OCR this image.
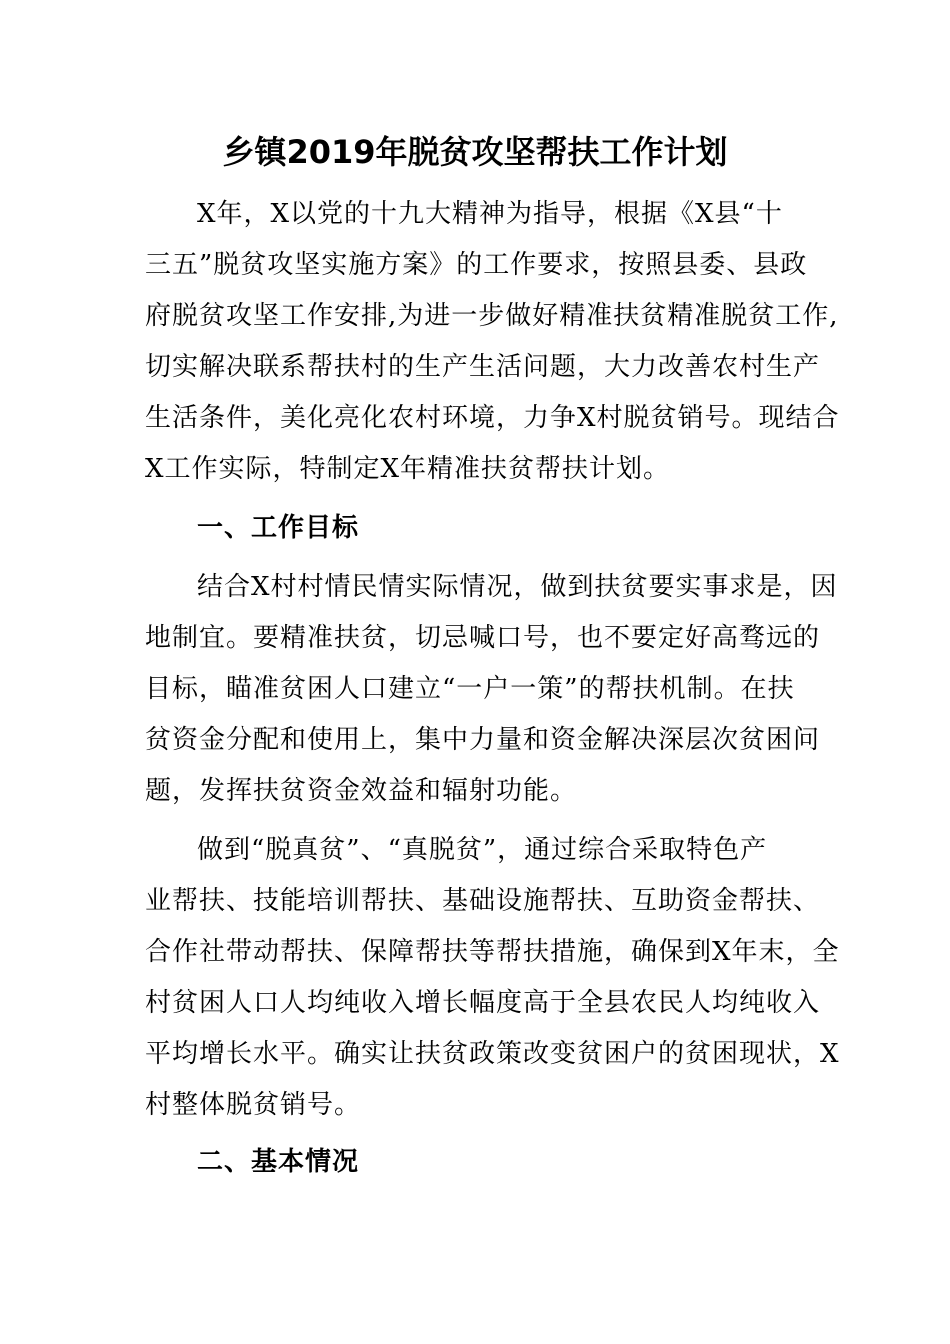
乡镇2019年脱贫攻坚帮扶工作计划
X年，X以党的十九大精神为指导，根据《X县“十
三五”脱贫攻坚实施方案》的工作要求，按照县委、县政
府脱贫攻坚工作安排,为进一步做好精准扶贫精准脱贫工作,
切实解决联系帮扶村的生产生活问题，大力改善农村生产
生活条件，美化亮化农村环境，力争X村脱贫销号。现结合
X工作实际，特制定X年精准扶贫帮扶计划。
一、工作目标
结合X村村情民情实际情况，做到扶贫要实事求是，因
地制宜。要精准扶贫，切忌喊口号，也不要定好高骛远的
目标，瞄准贫困人口建立“一户一策”的帮扶机制。在扶
贫资金分配和使用上，集中力量和资金解决深层次贫困问
题，发挥扶贫资金效益和辐射功能。
做到“脱真贫”、“真脱贫”，通过综合采取特色产
业帮扶、技能培训帮扶、基础设施帮扶、互助资金帮扶、
合作社带动帮扶、保障帮扶等帮扶措施，确保到X年末，全
村贫困人口人均纯收入增长幅度高于全县农民人均纯收入
平均增长水平。确实让扶贫政策改变贫困户的贫困现状，X
村整体脱贫销号。
二、基本情况
